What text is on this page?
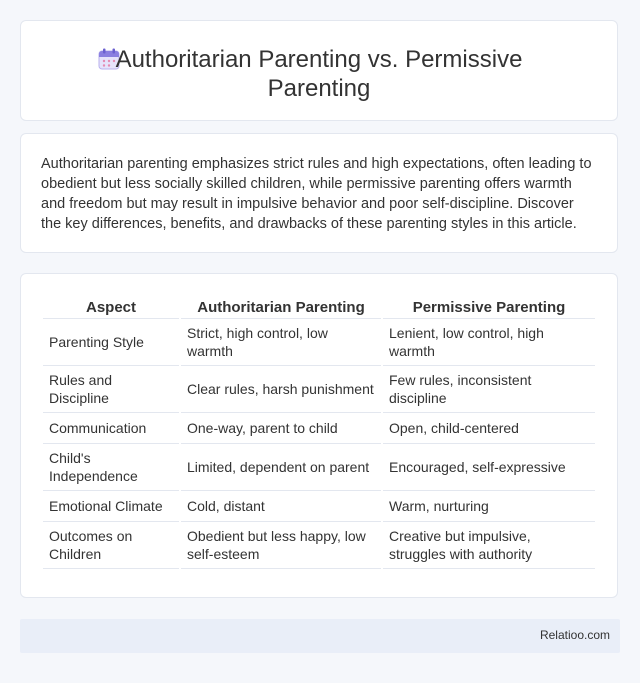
Authoritarian Parenting vs. Permissive Parenting

Authoritarian parenting emphasizes strict rules and high expectations, often leading to obedient but less socially skilled children, while permissive parenting offers warmth and freedom but may result in impulsive behavior and poor self-discipline. Discover the key differences, benefits, and drawbacks of these parenting styles in this article.

Aspect	Authoritarian Parenting	Permissive Parenting
Parenting Style	Strict, high control, low warmth	Lenient, low control, high warmth
Rules and Discipline	Clear rules, harsh punishment	Few rules, inconsistent discipline
Communication	One-way, parent to child	Open, child-centered
Child's Independence	Limited, dependent on parent	Encouraged, self-expressive
Emotional Climate	Cold, distant	Warm, nurturing
Outcomes on Children	Obedient but less happy, low self-esteem	Creative but impulsive, struggles with authority
Relatioo.com
